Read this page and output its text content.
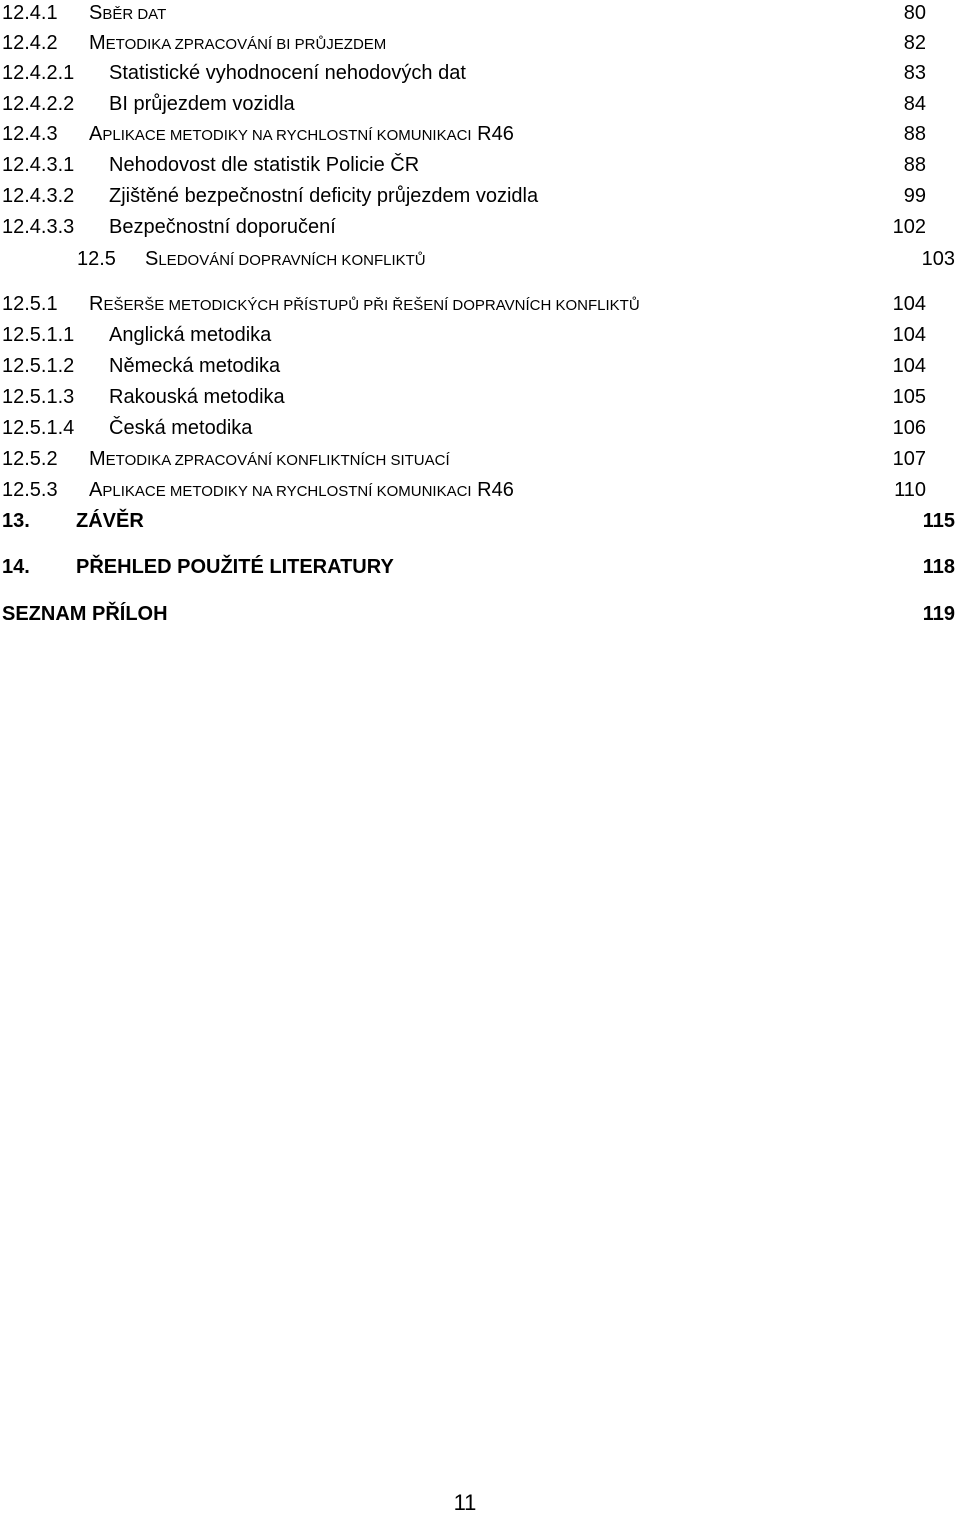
12.4.1 SBĚR DAT	80
12.4.2 METODIKA ZPRACOVÁNÍ BI PRŮJEZDEM	82
12.4.2.1 Statistické vyhodnocení nehodových dat	83
12.4.2.2 BI průjezdem vozidla	84
12.4.3 APLIKACE METODIKY NA RYCHLOSTNÍ KOMUNIKACI R46	88
12.4.3.1 Nehodovost dle statistik Policie ČR	88
12.4.3.2 Zjištěné bezpečnostní deficity průjezdem vozidla	99
12.4.3.3 Bezpečnostní doporučení	102
12.5 SLEDOVÁNÍ DOPRAVNÍCH KONFLIKTŮ	103
12.5.1 REŠERŠE METODICKÝCH PŘÍSTUPŮ PŘI ŘEŠENÍ DOPRAVNÍCH KONFLIKTŮ	104
12.5.1.1 Anglická metodika	104
12.5.1.2 Německá metodika	104
12.5.1.3 Rakouská metodika	105
12.5.1.4 Česká metodika	106
12.5.2 METODIKA ZPRACOVÁNÍ KONFLIKTNÍCH SITUACÍ	107
12.5.3 APLIKACE METODIKY NA RYCHLOSTNÍ KOMUNIKACI R46	110
13. ZÁVĚR	115
14. PŘEHLED POUŽITÉ LITERATURY	118
SEZNAM PŘÍLOH	119
11
